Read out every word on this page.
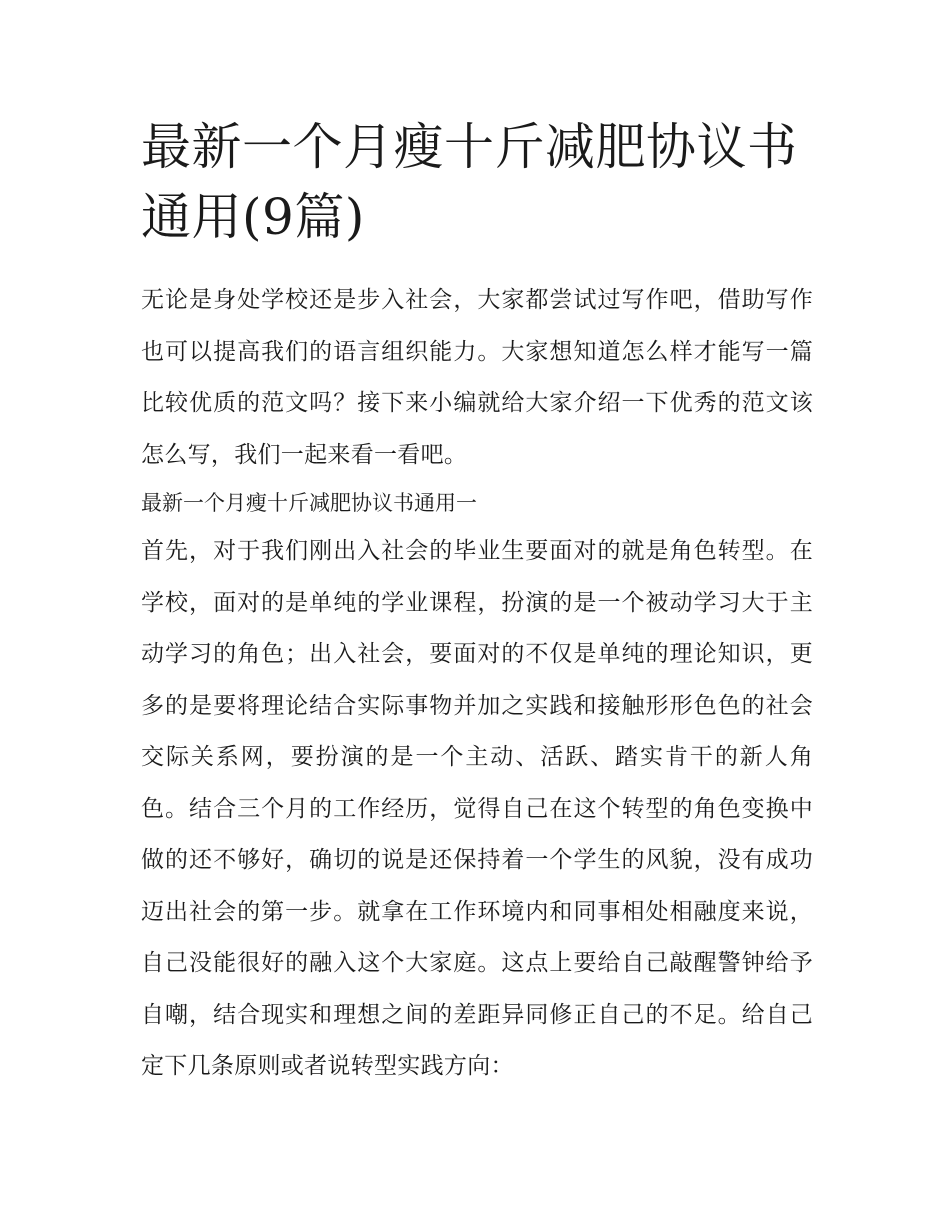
最新一个月瘦十斤减肥协议书通用(9篇)

无论是身处学校还是步入社会，大家都尝试过写作吧，借助写作也可以提高我们的语言组织能力。大家想知道怎么样才能写一篇比较优质的范文吗？接下来小编就给大家介绍一下优秀的范文该怎么写，我们一起来看一看吧。

最新一个月瘦十斤减肥协议书通用一

首先，对于我们刚出入社会的毕业生要面对的就是角色转型。在学校，面对的是单纯的学业课程，扮演的是一个被动学习大于主动学习的角色；出入社会，要面对的不仅是单纯的理论知识，更多的是要将理论结合实际事物并加之实践和接触形形色色的社会交际关系网，要扮演的是一个主动、活跃、踏实肯干的新人角色。结合三个月的工作经历，觉得自己在这个转型的角色变换中做的还不够好，确切的说是还保持着一个学生的风貌，没有成功迈出社会的第一步。就拿在工作环境内和同事相处相融度来说，自己没能很好的融入这个大家庭。这点上要给自己敲醒警钟给予自嘲，结合现实和理想之间的差距异同修正自己的不足。给自己定下几条原则或者说转型实践方向：
